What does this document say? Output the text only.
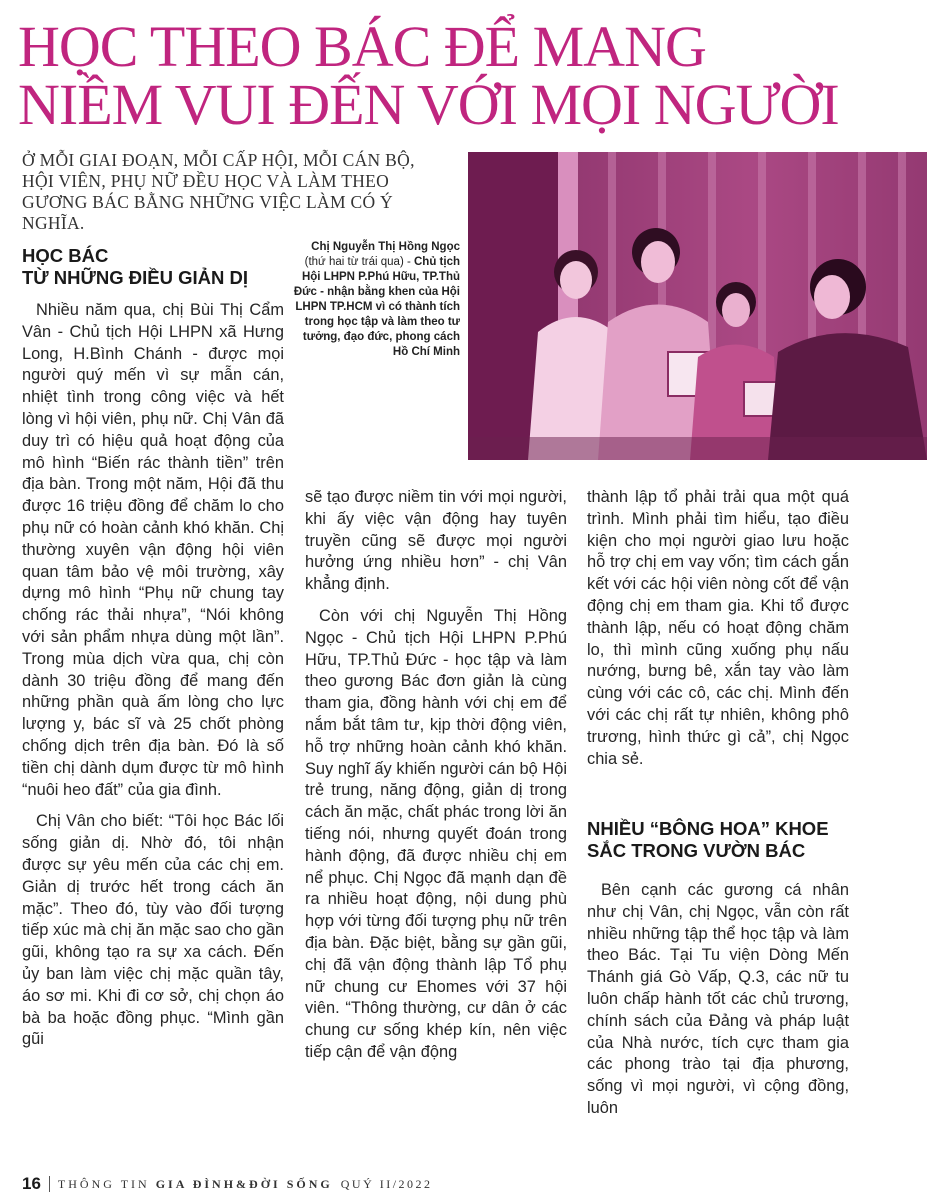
HỌC THEO BÁC ĐỂ MANG
NIỀM VUI ĐẾN VỚI MỌI NGƯỜI

Ở MỖI GIAI ĐOẠN, MỖI CẤP HỘI, MỖI CÁN BỘ, HỘI VIÊN, PHỤ NỮ ĐỀU HỌC VÀ LÀM THEO GƯƠNG BÁC BẰNG NHỮNG VIỆC LÀM CÓ Ý NGHĨA.

Chị Nguyễn Thị Hồng Ngọc (thứ hai từ trái qua) - Chủ tịch Hội LHPN P.Phú Hữu, TP.Thủ Đức - nhận bằng khen của Hội LHPN TP.HCM vì có thành tích trong học tập và làm theo tư tưởng, đạo đức, phong cách Hồ Chí Minh

HỌC BÁC
TỪ NHỮNG ĐIỀU GIẢN DỊ

Nhiều năm qua, chị Bùi Thị Cẩm Vân - Chủ tịch Hội LHPN xã Hưng Long, H.Bình Chánh - được mọi người quý mến vì sự mẫn cán, nhiệt tình trong công việc và hết lòng vì hội viên, phụ nữ. Chị Vân đã duy trì có hiệu quả hoạt động của mô hình “Biến rác thành tiền” trên địa bàn. Trong một năm, Hội đã thu được 16 triệu đồng để chăm lo cho phụ nữ có hoàn cảnh khó khăn. Chị thường xuyên vận động hội viên quan tâm bảo vệ môi trường, xây dựng mô hình “Phụ nữ chung tay chống rác thải nhựa”, “Nói không với sản phẩm nhựa dùng một lần”. Trong mùa dịch vừa qua, chị còn dành 30 triệu đồng để mang đến những phần quà ấm lòng cho lực lượng y, bác sĩ và 25 chốt phòng chống dịch trên địa bàn. Đó là số tiền chị dành dụm được từ mô hình “nuôi heo đất” của gia đình.

Chị Vân cho biết: “Tôi học Bác lối sống giản dị. Nhờ đó, tôi nhận được sự yêu mến của các chị em. Giản dị trước hết trong cách ăn mặc”. Theo đó, tùy vào đối tượng tiếp xúc mà chị ăn mặc sao cho gần gũi, không tạo ra sự xa cách. Đến ủy ban làm việc chị mặc quần tây, áo sơ mi. Khi đi cơ sở, chị chọn áo bà ba hoặc đồng phục. “Mình gần gũi

sẽ tạo được niềm tin với mọi người, khi ấy việc vận động hay tuyên truyền cũng sẽ được mọi người hưởng ứng nhiều hơn” - chị Vân khẳng định.

Còn với chị Nguyễn Thị Hồng Ngọc - Chủ tịch Hội LHPN P.Phú Hữu, TP.Thủ Đức - học tập và làm theo gương Bác đơn giản là cùng tham gia, đồng hành với chị em để nắm bắt tâm tư, kịp thời động viên, hỗ trợ những hoàn cảnh khó khăn. Suy nghĩ ấy khiến người cán bộ Hội trẻ trung, năng động, giản dị trong cách ăn mặc, chất phác trong lời ăn tiếng nói, nhưng quyết đoán trong hành động, đã được nhiều chị em nể phục. Chị Ngọc đã mạnh dạn đề ra nhiều hoạt động, nội dung phù hợp với từng đối tượng phụ nữ trên địa bàn. Đặc biệt, bằng sự gần gũi, chị đã vận động thành lập Tổ phụ nữ chung cư Ehomes với 37 hội viên. “Thông thường, cư dân ở các chung cư sống khép kín, nên việc tiếp cận để vận động

thành lập tổ phải trải qua một quá trình. Mình phải tìm hiểu, tạo điều kiện cho mọi người giao lưu hoặc hỗ trợ chị em vay vốn; tìm cách gắn kết với các hội viên nòng cốt để vận động chị em tham gia. Khi tổ được thành lập, nếu có hoạt động chăm lo, thì mình cũng xuống phụ nấu nướng, bưng bê, xắn tay vào làm cùng với các cô, các chị. Mình đến với các chị rất tự nhiên, không phô trương, hình thức gì cả”, chị Ngọc chia sẻ.

NHIỀU “BÔNG HOA” KHOE
SẮC TRONG VƯỜN BÁC

Bên cạnh các gương cá nhân như chị Vân, chị Ngọc, vẫn còn rất nhiều những tập thể học tập và làm theo Bác. Tại Tu viện Dòng Mến Thánh giá Gò Vấp, Q.3, các nữ tu luôn chấp hành tốt các chủ trương, chính sách của Đảng và pháp luật của Nhà nước, tích cực tham gia các phong trào tại địa phương, sống vì mọi người, vì cộng đồng, luôn

16 THÔNG TIN GIA ĐÌNH&ĐỜI SỐNG QUÝ II/2022
